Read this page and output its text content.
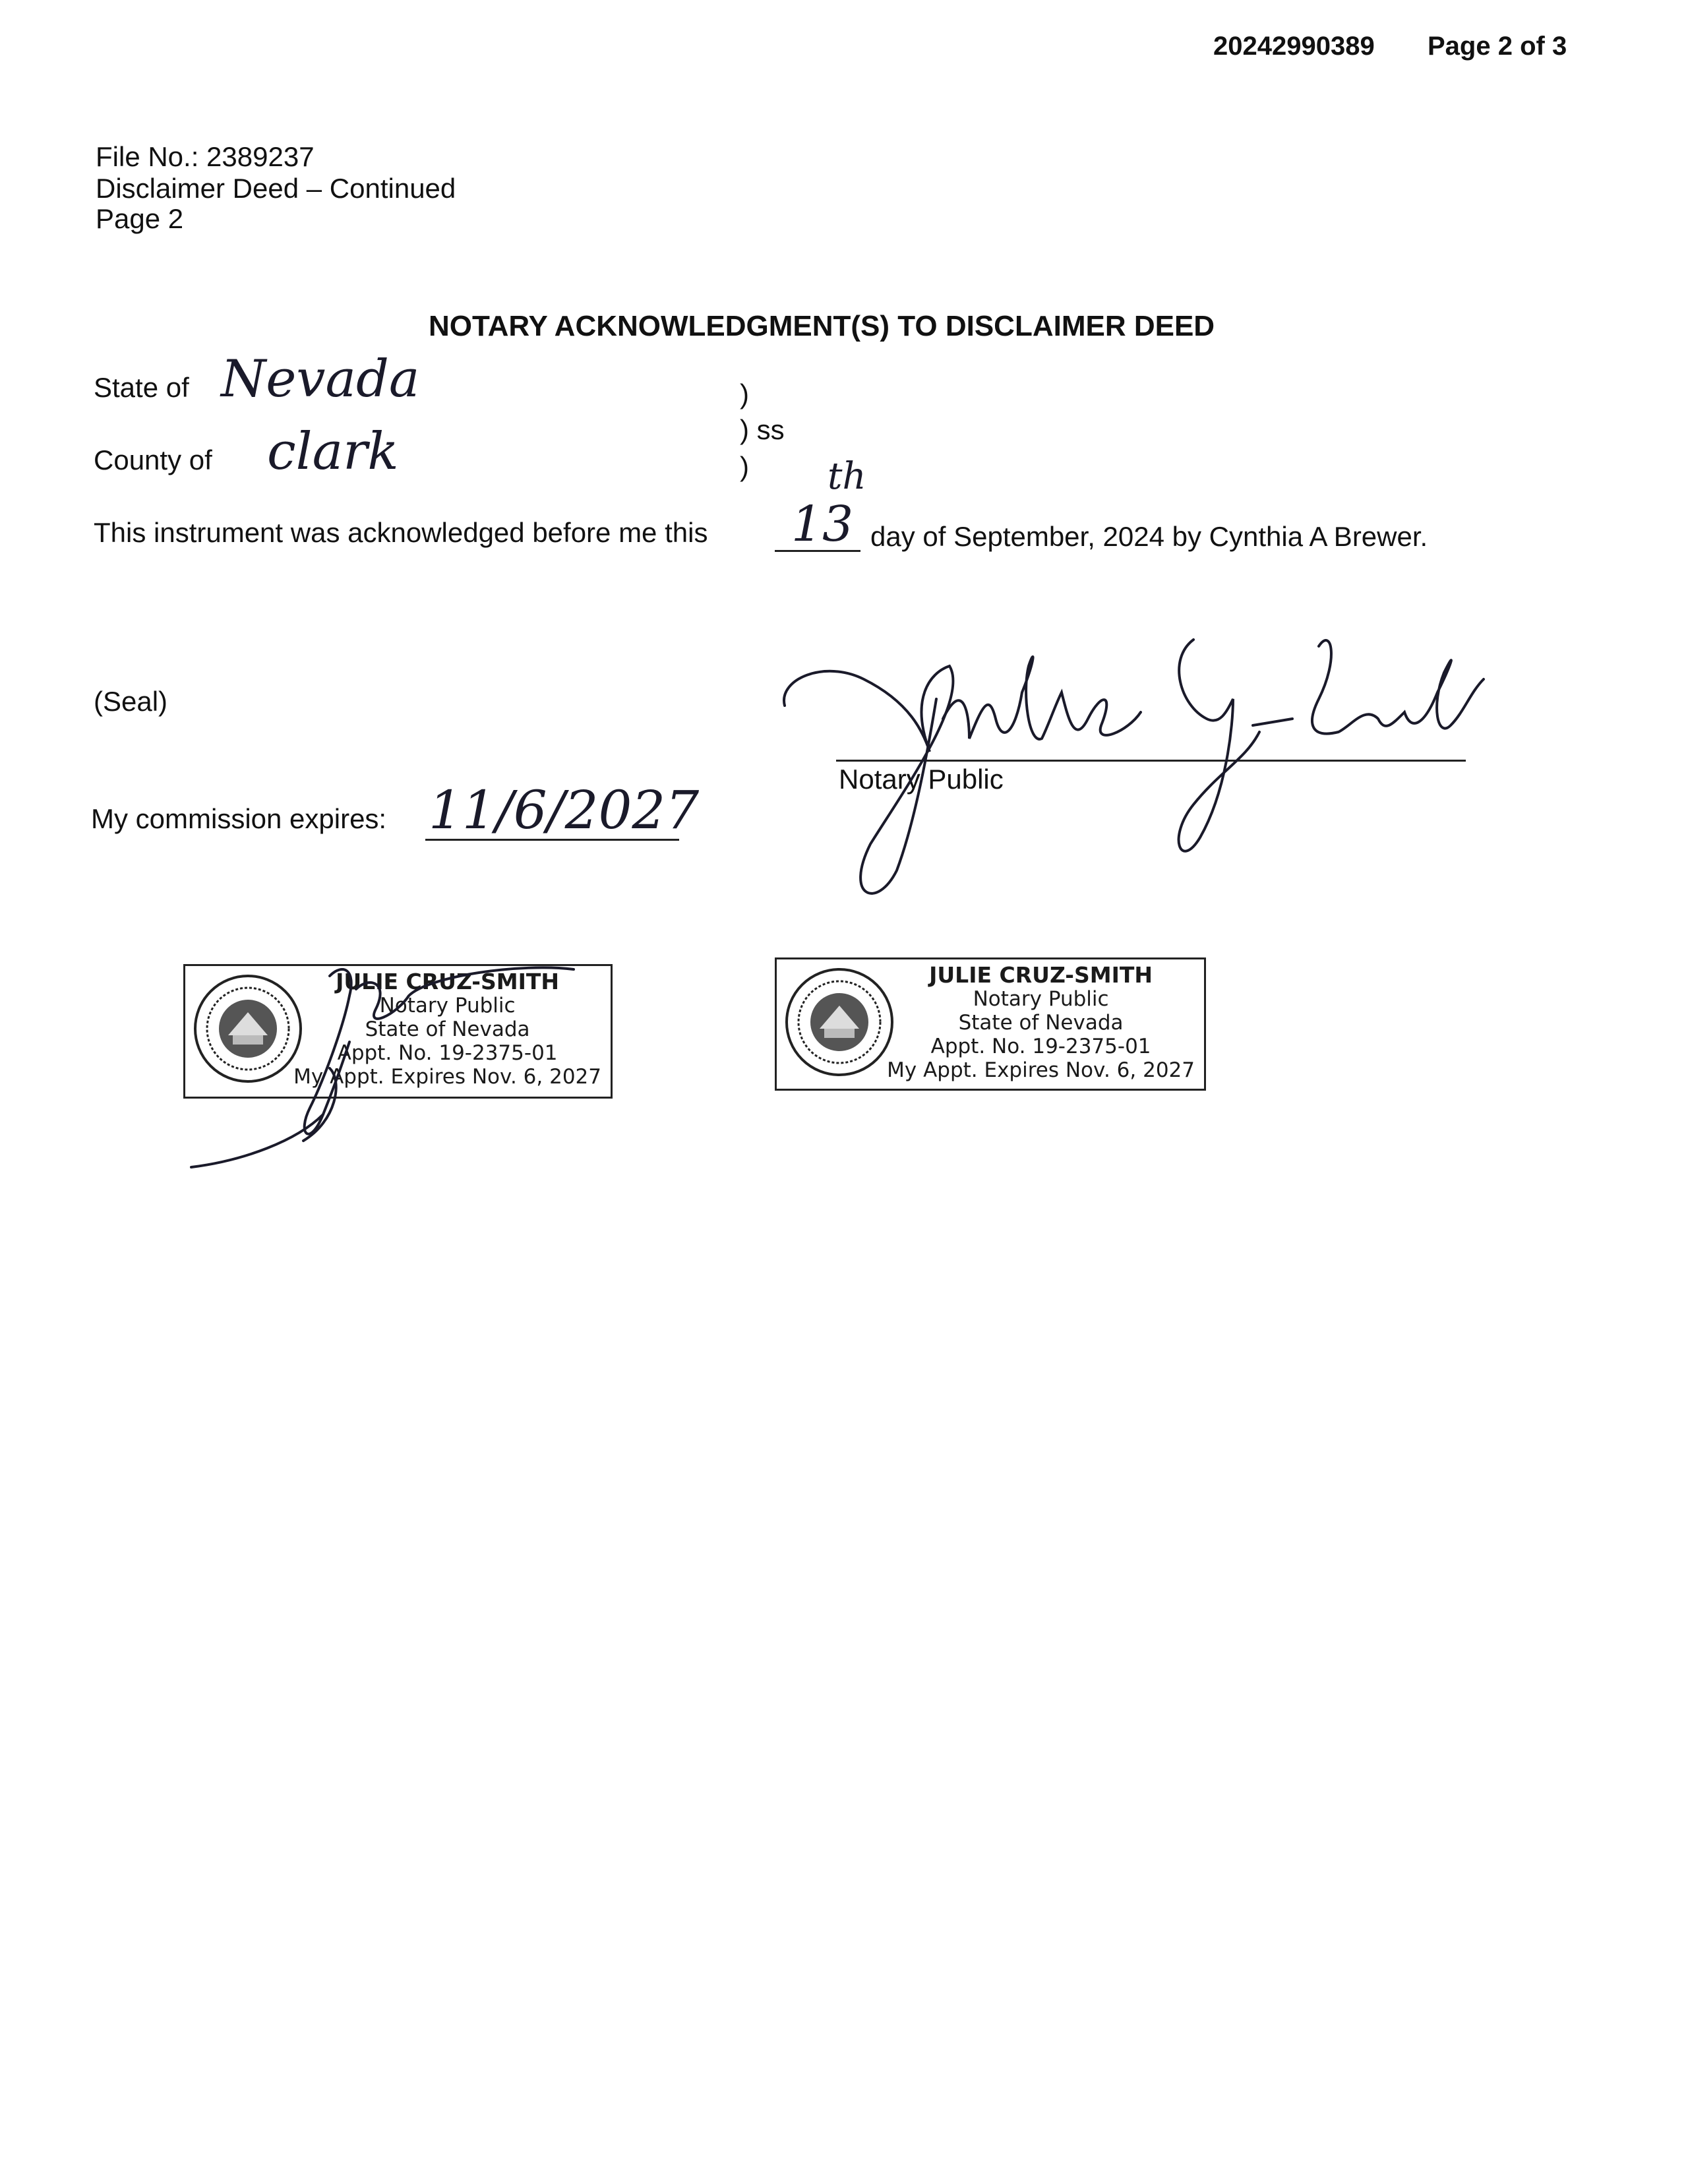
20242990389 Page 2 of 3
File No.: 2389237
Disclaimer Deed – Continued
Page 2
NOTARY ACKNOWLEDGMENT(S) TO DISCLAIMER DEED
State of Nevada
County of clark
)
) ss
)
This instrument was acknowledged before me this 13
th
day of September, 2024 by Cynthia A Brewer.
(Seal)
Notary Public
My commission expires: 11/6/2027
JULIE CRUZ-SMITH
Notary Public
State of Nevada
Appt. No. 19-2375-01
My Appt. Expires Nov. 6, 2027
JULIE CRUZ-SMITH
Notary Public
State of Nevada
Appt. No. 19-2375-01
My Appt. Expires Nov. 6, 2027
